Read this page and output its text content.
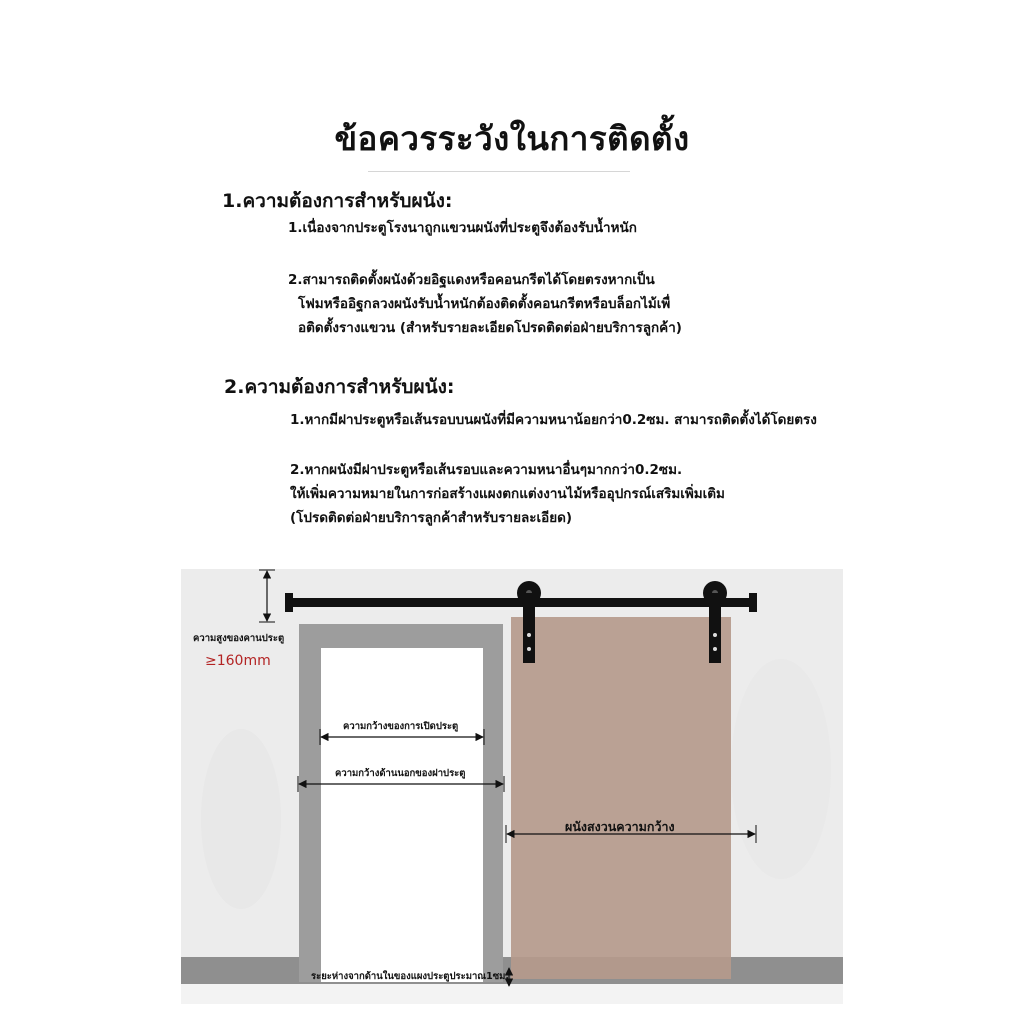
ข้อควรระวังในการติดตั้ง
1.ความต้องการสำหรับผนัง:
1.เนื่องจากประตูโรงนาถูกแขวนผนังที่ประตูจึงต้องรับน้ำหนัก
2.สามารถติดตั้งผนังด้วยอิฐแดงหรือคอนกรีตได้โดยตรงหากเป็น
โฟมหรืออิฐกลวงผนังรับน้ำหนักต้องติดตั้งคอนกรีตหรือบล็อกไม้เพื่
อติดตั้งรางแขวน (สำหรับรายละเอียดโปรดติดต่อฝ่ายบริการลูกค้า)
2.ความต้องการสำหรับผนัง:
1.หากมีฝาประตูหรือเส้นรอบบนผนังที่มีความหนาน้อยกว่า0.2ซม. สามารถติดตั้งได้โดยตรง
2.หากผนังมีฝาประตูหรือเส้นรอบและความหนาอื่นๆมากกว่า0.2ซม.
ให้เพิ่มความหมายในการก่อสร้างแผงตกแต่งงานไม้หรืออุปกรณ์เสริมเพิ่มเติม
(โปรดติดต่อฝ่ายบริการลูกค้าสำหรับรายละเอียด)
ความสูงของคานประตู
≥160mm
ความกว้างของการเปิดประตู
ความกว้างด้านนอกของฝาประตู
ผนังสงวนความกว้าง
ระยะห่างจากด้านในของแผงประตูประมาณ1ซม.
